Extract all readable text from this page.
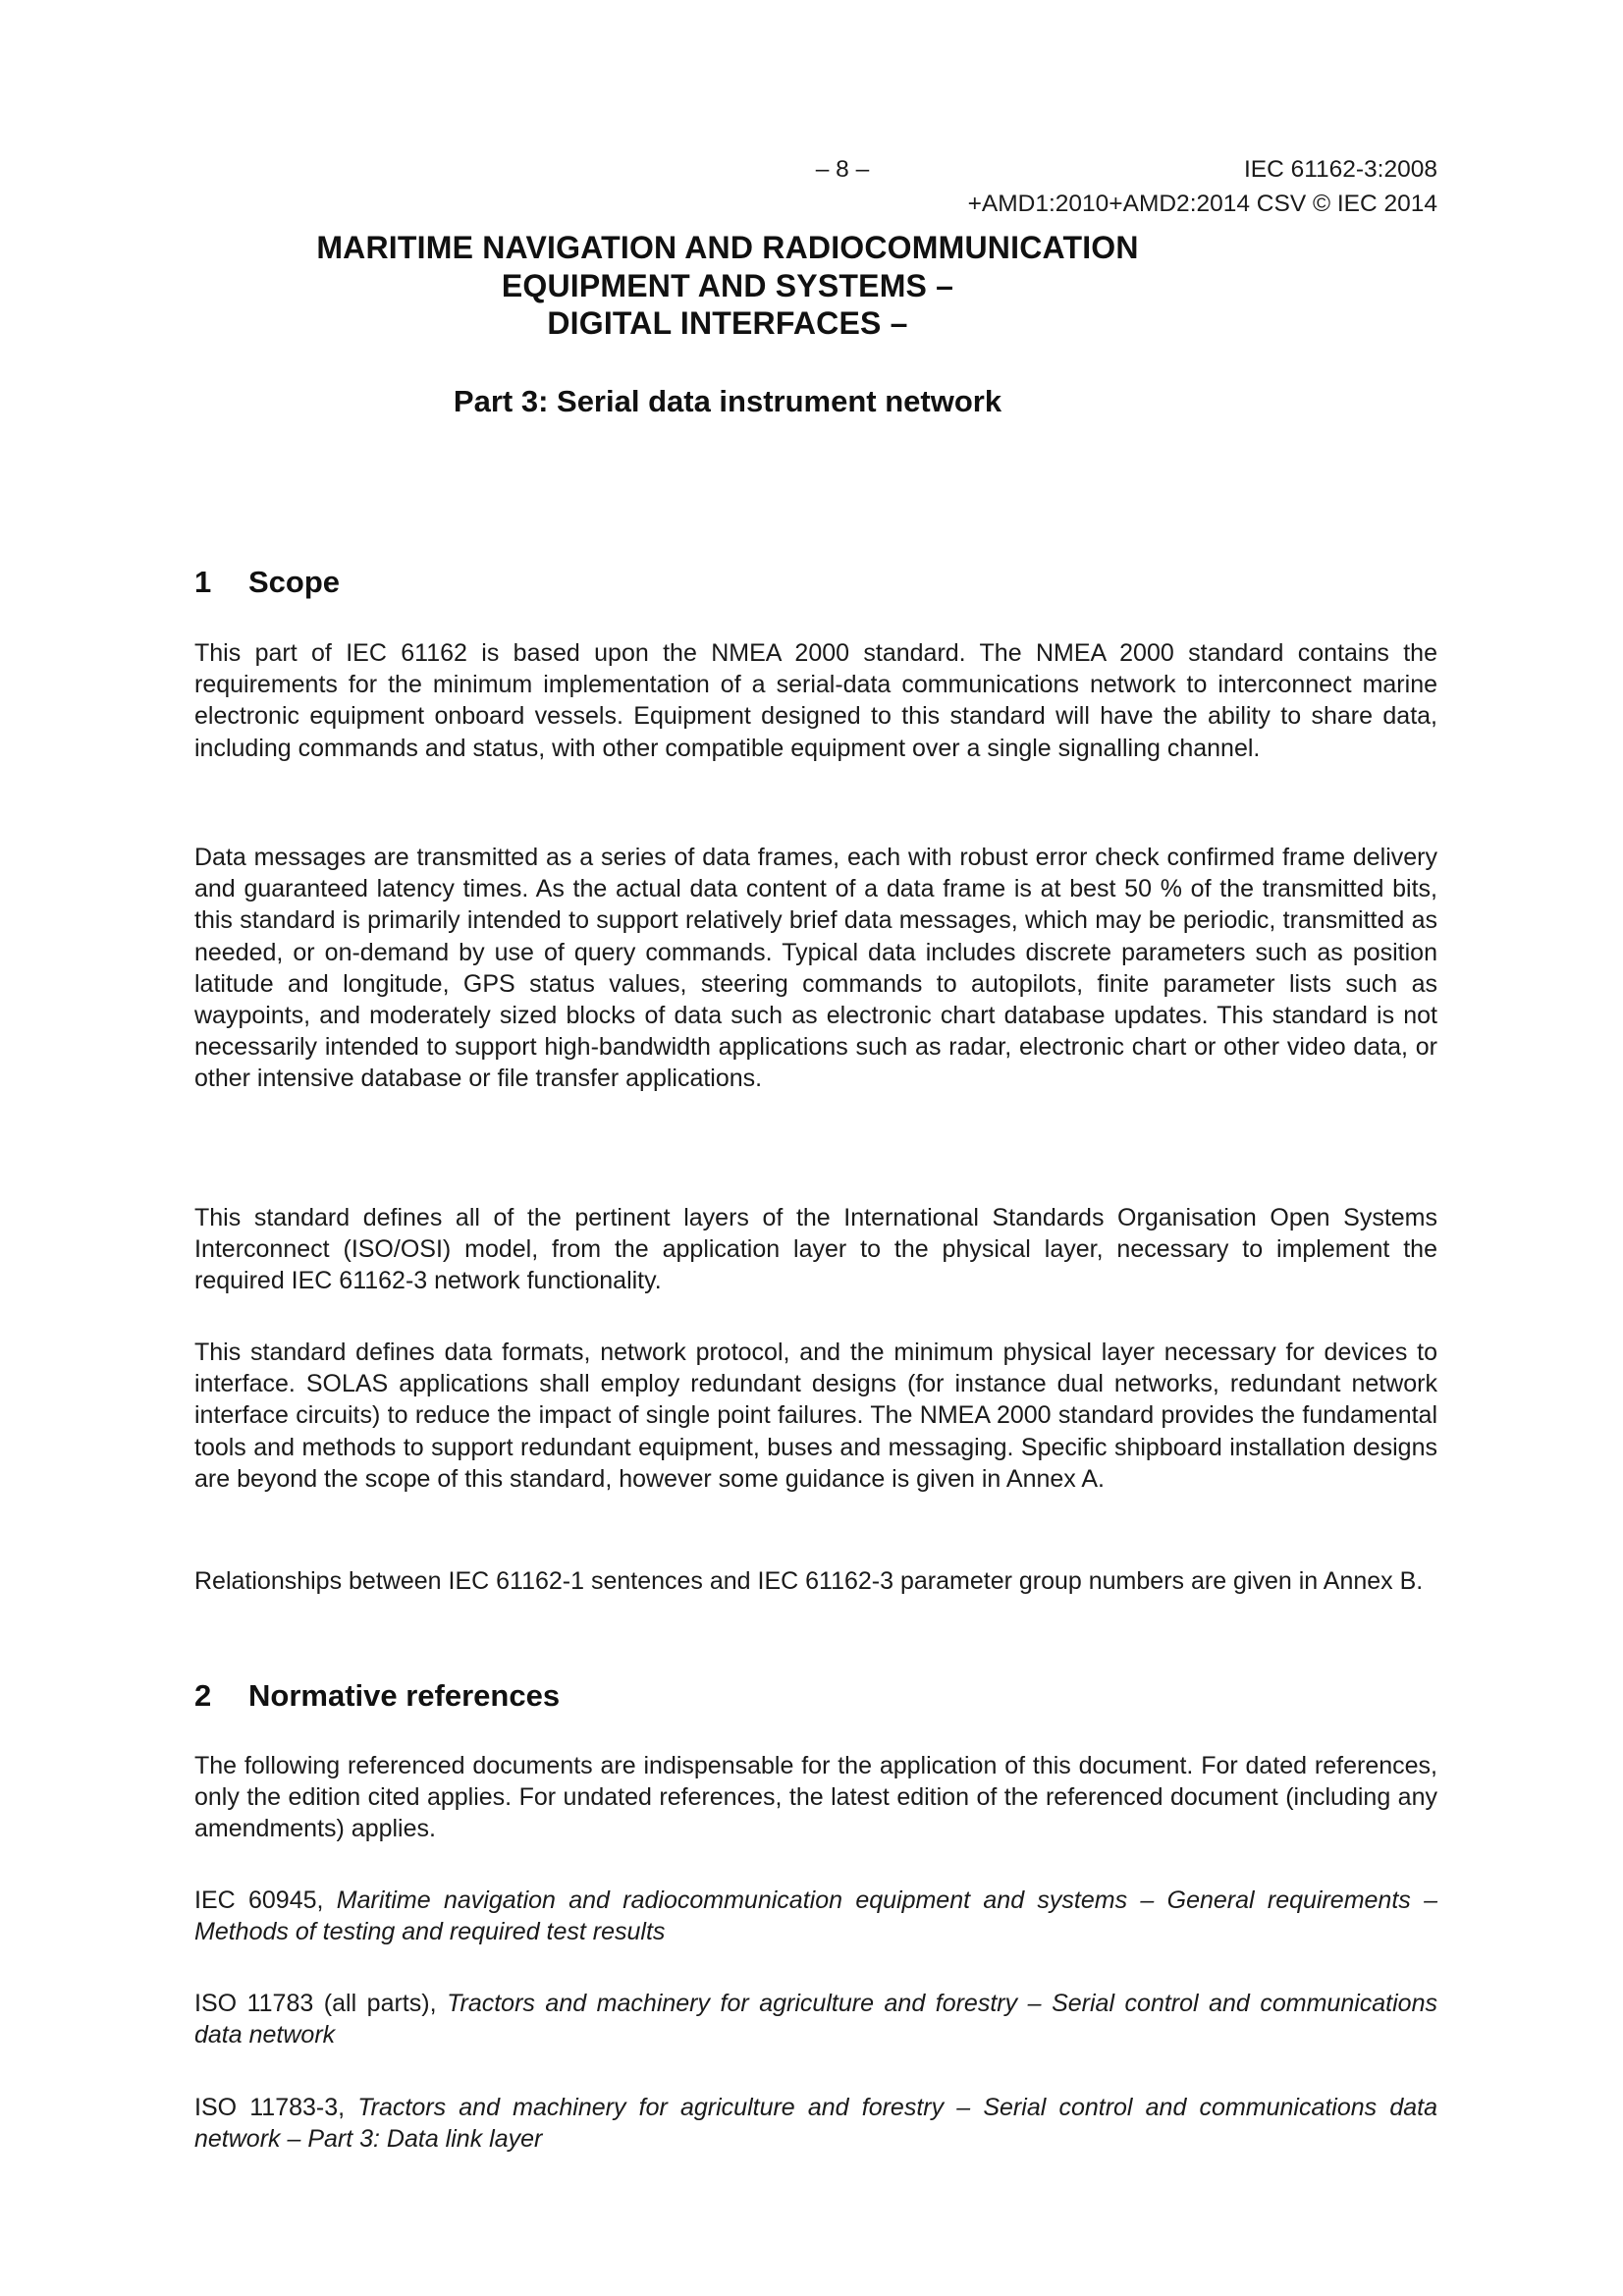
– 8 –	IEC 61162-3:2008
+AMD1:2010+AMD2:2014 CSV © IEC 2014
MARITIME NAVIGATION AND RADIOCOMMUNICATION
EQUIPMENT AND SYSTEMS –
DIGITAL INTERFACES –
Part 3: Serial data instrument network
1 Scope

This part of IEC 61162 is based upon the NMEA 2000 standard. The NMEA 2000 standard contains the requirements for the minimum implementation of a serial-data communications network to interconnect marine electronic equipment onboard vessels. Equipment designed to this standard will have the ability to share data, including commands and status, with other compatible equipment over a single signalling channel.

Data messages are transmitted as a series of data frames, each with robust error check confirmed frame delivery and guaranteed latency times. As the actual data content of a data frame is at best 50 % of the transmitted bits, this standard is primarily intended to support relatively brief data messages, which may be periodic, transmitted as needed, or on-demand by use of query commands. Typical data includes discrete parameters such as position latitude and longitude, GPS status values, steering commands to autopilots, finite parameter lists such as waypoints, and moderately sized blocks of data such as electronic chart database updates. This standard is not necessarily intended to support high-bandwidth applications such as radar, electronic chart or other video data, or other intensive database or file transfer applications.

This standard defines all of the pertinent layers of the International Standards Organisation Open Systems Interconnect (ISO/OSI) model, from the application layer to the physical layer, necessary to implement the required IEC 61162-3 network functionality.

This standard defines data formats, network protocol, and the minimum physical layer necessary for devices to interface. SOLAS applications shall employ redundant designs (for instance dual networks, redundant network interface circuits) to reduce the impact of single point failures. The NMEA 2000 standard provides the fundamental tools and methods to support redundant equipment, buses and messaging. Specific shipboard installation designs are beyond the scope of this standard, however some guidance is given in Annex A.

Relationships between IEC 61162-1 sentences and IEC 61162-3 parameter group numbers are given in Annex B.

2 Normative references

The following referenced documents are indispensable for the application of this document. For dated references, only the edition cited applies. For undated references, the latest edition of the referenced document (including any amendments) applies.

IEC 60945, Maritime navigation and radiocommunication equipment and systems – General requirements – Methods of testing and required test results

ISO 11783 (all parts), Tractors and machinery for agriculture and forestry – Serial control and communications data network

ISO 11783-3, Tractors and machinery for agriculture and forestry – Serial control and communications data network – Part 3: Data link layer
